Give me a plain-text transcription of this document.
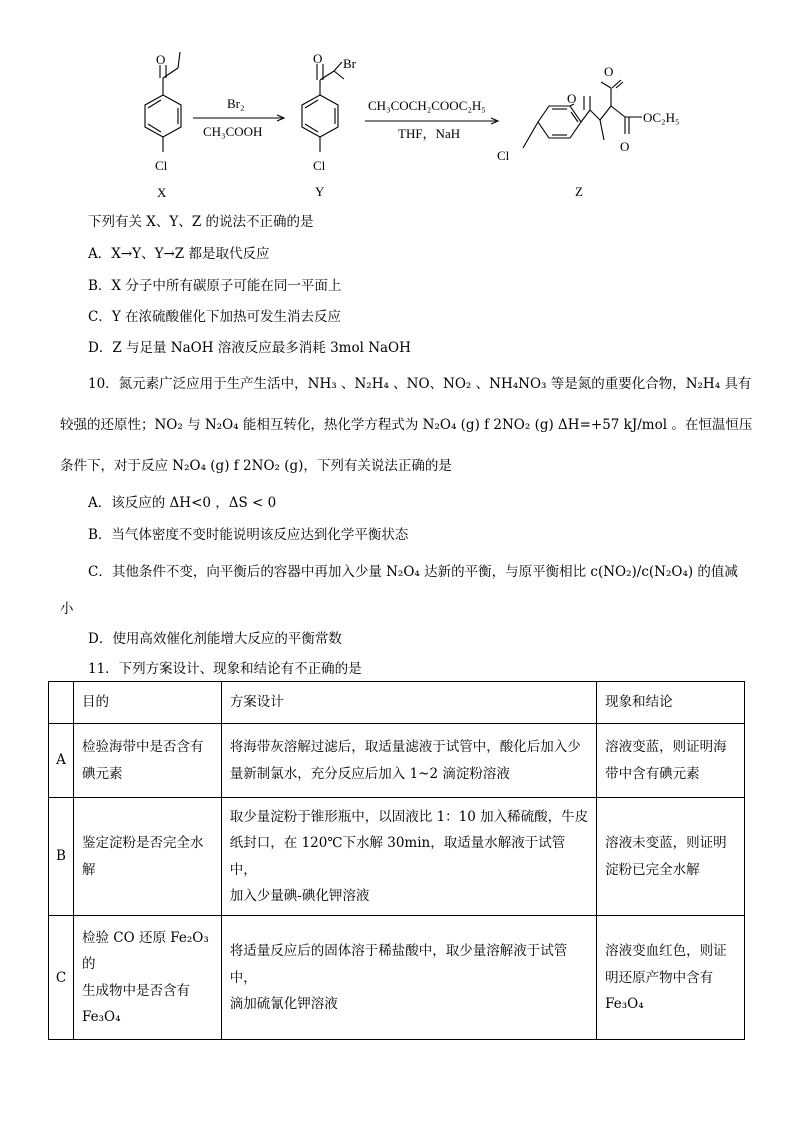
O
Cl
X
Br₂
CH₃COOH
O Br
Cl
Y
CH₃COCH₂COOC₂H₅
THF，NaH
O
O
O
OC₂H₅
Cl
Z
下列有关 X、Y、Z 的说法不正确的是
A．X→Y、Y→Z 都是取代反应
B．X 分子中所有碳原子可能在同一平面上
C．Y 在浓硫酸催化下加热可发生消去反应
D．Z 与足量 NaOH 溶液反应最多消耗 3mol NaOH
10．氮元素广泛应用于生产生活中，NH₃ 、N₂H₄ 、NO、NO₂ 、NH₄NO₃ 等是氮的重要化合物，N₂H₄ 具有
较强的还原性；NO₂ 与 N₂O₄ 能相互转化，热化学方程式为 N₂O₄ (g) f 2NO₂ (g) ΔH=+57 kJ/mol 。在恒温恒压
条件下，对于反应 N₂O₄ (g) f 2NO₂ (g)，下列有关说法正确的是
A．该反应的 ΔH<0 ，ΔS < 0
B．当气体密度不变时能说明该反应达到化学平衡状态
C．其他条件不变，向平衡后的容器中再加入少量 N₂O₄ 达新的平衡，与原平衡相比 c(NO₂)/c(N₂O₄) 的值减
小
D．使用高效催化剂能增大反应的平衡常数
11．下列方案设计、现象和结论有不正确的是
	目的	方案设计	现象和结论
A	检验海带中是否含有
碘元素	将海带灰溶解过滤后，取适量滤液于试管中，酸化后加入少
量新制氯水，充分反应后加入 1~2 滴淀粉溶液	溶液变蓝，则证明海
带中含有碘元素
B	鉴定淀粉是否完全水
解	取少量淀粉于锥形瓶中，以固液比 1：10 加入稀硫酸，牛皮
纸封口，在 120℃下水解 30min，取适量水解液于试管中，
加入少量碘-碘化钾溶液	溶液未变蓝，则证明
淀粉已完全水解
C	检验 CO 还原 Fe₂O₃ 的
生成物中是否含有
Fe₃O₄	将适量反应后的固体溶于稀盐酸中，取少量溶解液于试管中，
滴加硫氰化钾溶液	溶液变血红色，则证
明还原产物中含有
Fe₃O₄
